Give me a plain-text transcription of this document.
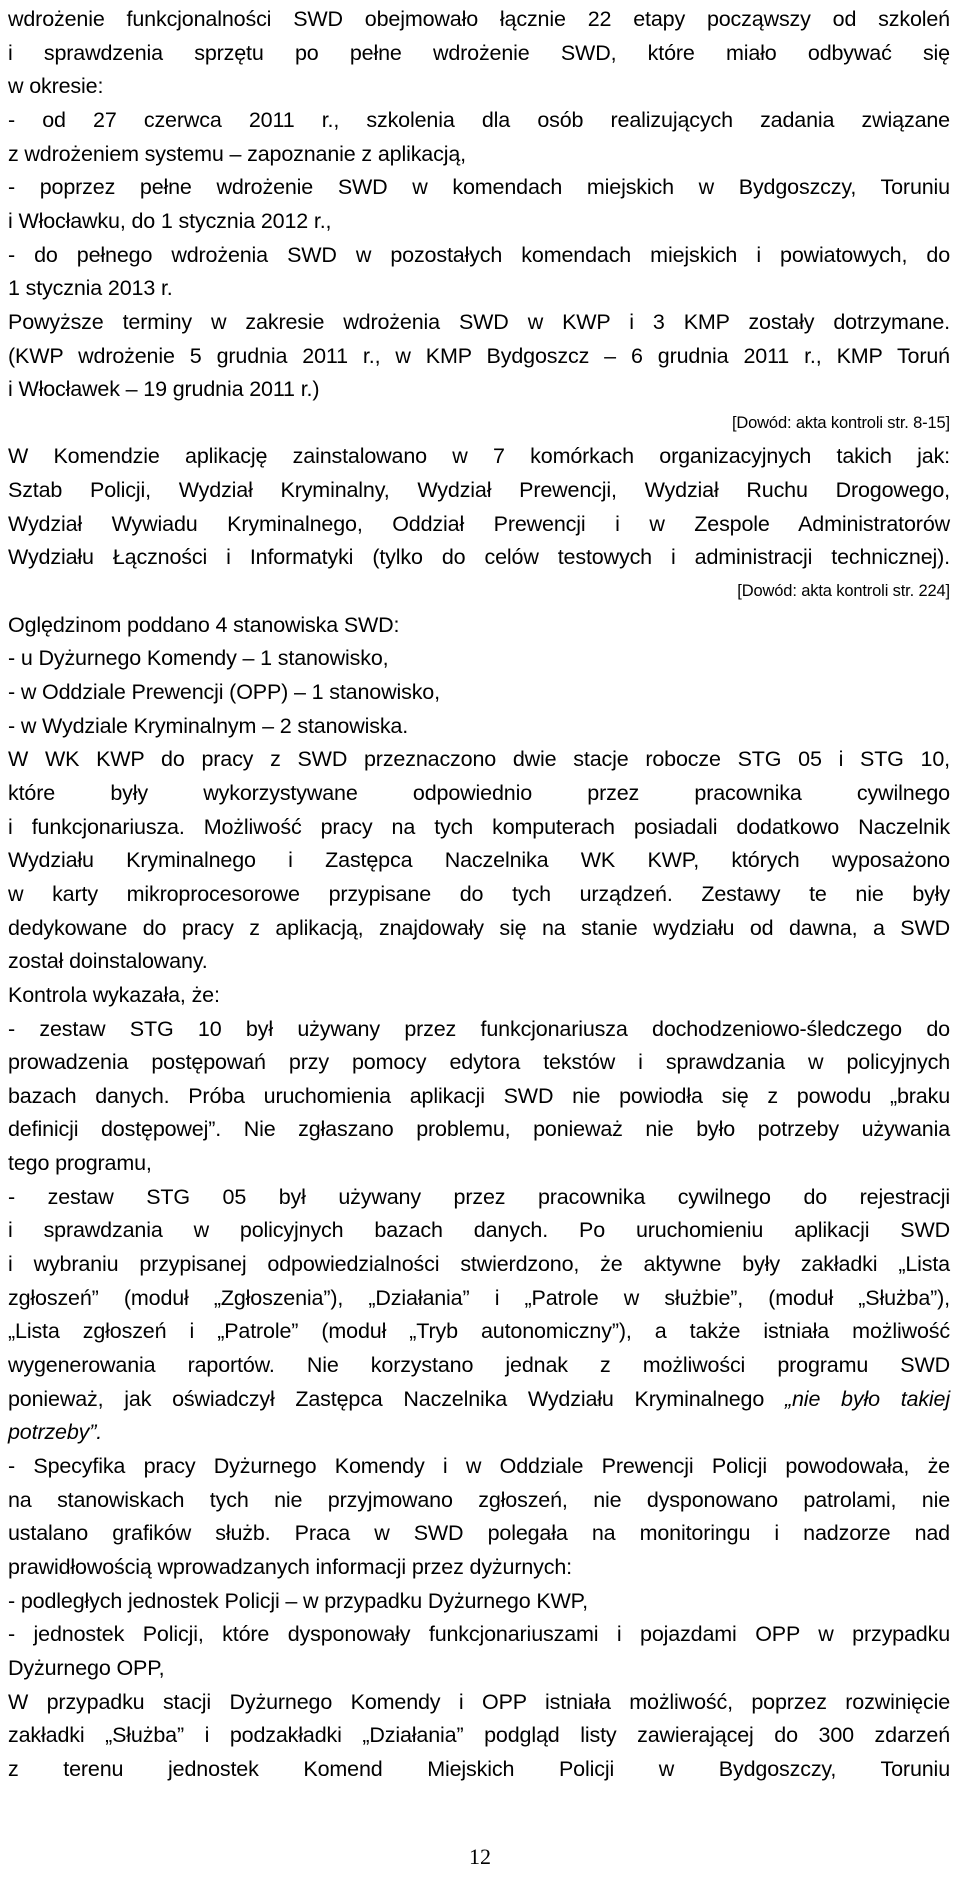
wdrożenie funkcjonalności SWD obejmowało łącznie 22 etapy począwszy od szkoleń
i sprawdzenia sprzętu po pełne wdrożenie SWD, które miało odbywać się
w okresie:
- od 27 czerwca 2011 r., szkolenia dla osób realizujących zadania związane
z wdrożeniem systemu – zapoznanie z aplikacją,
- poprzez pełne wdrożenie SWD w komendach miejskich w Bydgoszczy, Toruniu
i Włocławku, do 1 stycznia 2012 r.,
- do pełnego wdrożenia SWD w pozostałych komendach miejskich i powiatowych, do
1 stycznia 2013 r.
Powyższe terminy w zakresie wdrożenia SWD w KWP i 3 KMP zostały dotrzymane.
(KWP wdrożenie 5 grudnia 2011 r., w KMP Bydgoszcz – 6 grudnia 2011 r., KMP Toruń
i Włocławek – 19 grudnia 2011 r.)
[Dowód: akta kontroli str. 8-15]
W Komendzie aplikację zainstalowano w 7 komórkach organizacyjnych takich jak:
Sztab Policji, Wydział Kryminalny, Wydział Prewencji, Wydział Ruchu Drogowego,
Wydział Wywiadu Kryminalnego, Oddział Prewencji i w Zespole Administratorów
Wydziału Łączności i Informatyki (tylko do celów testowych i administracji technicznej).
[Dowód: akta kontroli str. 224]
Oględzinom poddano 4 stanowiska SWD:
- u Dyżurnego Komendy – 1 stanowisko,
- w Oddziale Prewencji (OPP) – 1 stanowisko,
- w Wydziale Kryminalnym – 2 stanowiska.
W WK KWP do pracy z SWD przeznaczono dwie stacje robocze STG 05 i STG 10,
które były wykorzystywane odpowiednio przez pracownika cywilnego
i funkcjonariusza. Możliwość pracy na tych komputerach posiadali dodatkowo Naczelnik
Wydziału Kryminalnego i Zastępca Naczelnika WK KWP, których wyposażono
w karty mikroprocesorowe przypisane do tych urządzeń. Zestawy te nie były
dedykowane do pracy z aplikacją, znajdowały się na stanie wydziału od dawna, a SWD
został doinstalowany.
Kontrola wykazała, że:
- zestaw STG 10 był używany przez funkcjonariusza dochodzeniowo-śledczego do
prowadzenia postępowań przy pomocy edytora tekstów i sprawdzania w policyjnych
bazach danych. Próba uruchomienia aplikacji SWD nie powiodła się z powodu „braku
definicji dostępowej”. Nie zgłaszano problemu, ponieważ nie było potrzeby używania
tego programu,
- zestaw STG 05 był używany przez pracownika cywilnego do rejestracji
i sprawdzania w policyjnych bazach danych. Po uruchomieniu aplikacji SWD
i wybraniu przypisanej odpowiedzialności stwierdzono, że aktywne były zakładki „Lista
zgłoszeń” (moduł „Zgłoszenia”), „Działania” i „Patrole w służbie”, (moduł „Służba”),
„Lista zgłoszeń i „Patrole” (moduł „Tryb autonomiczny”), a także istniała możliwość
wygenerowania raportów. Nie korzystano jednak z możliwości programu SWD
ponieważ, jak oświadczył Zastępca Naczelnika Wydziału Kryminalnego „nie było takiej
potrzeby”.
- Specyfika pracy Dyżurnego Komendy i w Oddziale Prewencji Policji powodowała, że
na stanowiskach tych nie przyjmowano zgłoszeń, nie dysponowano patrolami, nie
ustalano grafików służb. Praca w SWD polegała na monitoringu i nadzorze nad
prawidłowością wprowadzanych informacji przez dyżurnych:
- podległych jednostek Policji – w przypadku Dyżurnego KWP,
- jednostek Policji, które dysponowały funkcjonariuszami i pojazdami OPP w przypadku
Dyżurnego OPP,
W przypadku stacji Dyżurnego Komendy i OPP istniała możliwość, poprzez rozwinięcie
zakładki „Służba” i podzakładki „Działania” podgląd listy zawierającej do 300 zdarzeń
z terenu jednostek Komend Miejskich Policji w Bydgoszczy, Toruniu
12
